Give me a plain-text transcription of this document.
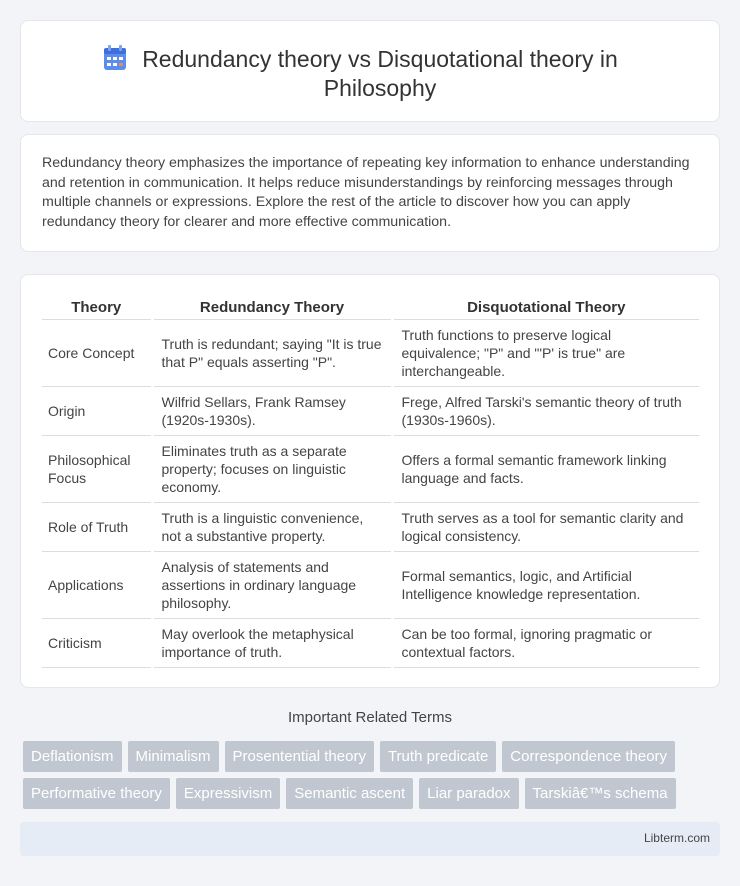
Redundancy theory vs Disquotational theory in Philosophy

Redundancy theory emphasizes the importance of repeating key information to enhance understanding and retention in communication. It helps reduce misunderstandings by reinforcing messages through multiple channels or expressions. Explore the rest of the article to discover how you can apply redundancy theory for clearer and more effective communication.

Theory	Redundancy Theory	Disquotational Theory
Core Concept	Truth is redundant; saying "It is true that P" equals asserting "P".	Truth functions to preserve logical equivalence; "P" and "'P' is true" are interchangeable.
Origin	Wilfrid Sellars, Frank Ramsey (1920s-1930s).	Frege, Alfred Tarski's semantic theory of truth (1930s-1960s).
Philosophical Focus	Eliminates truth as a separate property; focuses on linguistic economy.	Offers a formal semantic framework linking language and facts.
Role of Truth	Truth is a linguistic convenience, not a substantive property.	Truth serves as a tool for semantic clarity and logical consistency.
Applications	Analysis of statements and assertions in ordinary language philosophy.	Formal semantics, logic, and Artificial Intelligence knowledge representation.
Criticism	May overlook the metaphysical importance of truth.	Can be too formal, ignoring pragmatic or contextual factors.
Important Related Terms
Deflationism Minimalism Prosentential theory Truth predicate Correspondence theory
Performative theory Expressivism Semantic ascent Liar paradox Tarskiâ€™s schema
Libterm.com
